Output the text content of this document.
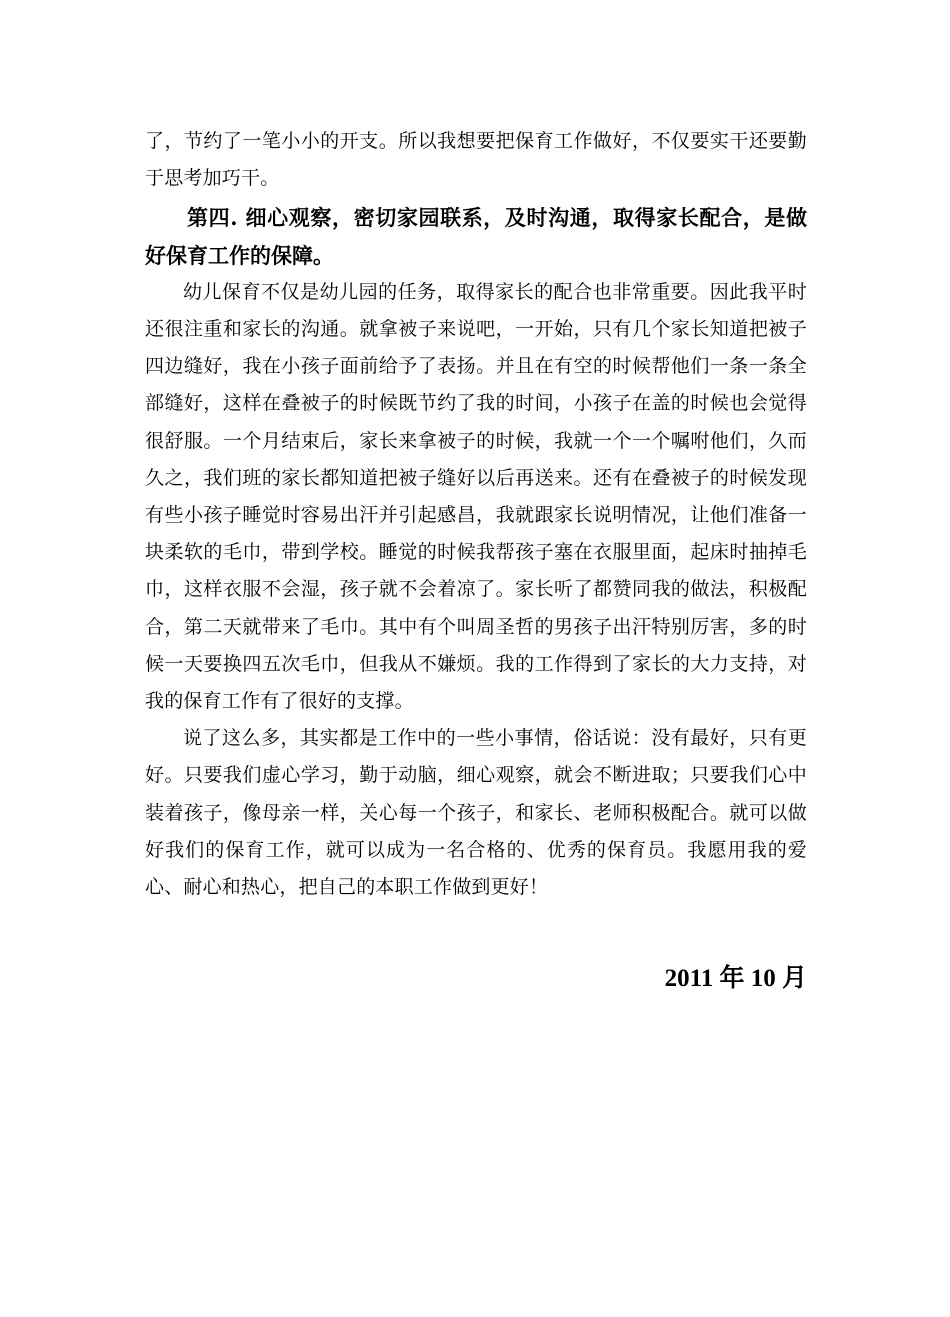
了，节约了一笔小小的开支。所以我想要把保育工作做好，不仅要实干还要勤于思考加巧干。

第四. 细心观察，密切家园联系，及时沟通，取得家长配合，是做好保育工作的保障。

幼儿保育不仅是幼儿园的任务，取得家长的配合也非常重要。因此我平时还很注重和家长的沟通。就拿被子来说吧，一开始，只有几个家长知道把被子四边缝好，我在小孩子面前给予了表扬。并且在有空的时候帮他们一条一条全部缝好，这样在叠被子的时候既节约了我的时间，小孩子在盖的时候也会觉得很舒服。一个月结束后，家长来拿被子的时候，我就一个一个嘱咐他们，久而久之，我们班的家长都知道把被子缝好以后再送来。还有在叠被子的时候发现有些小孩子睡觉时容易出汗并引起感昌，我就跟家长说明情况，让他们准备一块柔软的毛巾，带到学校。睡觉的时候我帮孩子塞在衣服里面，起床时抽掉毛巾，这样衣服不会湿，孩子就不会着凉了。家长听了都赞同我的做法，积极配合，第二天就带来了毛巾。其中有个叫周圣哲的男孩子出汗特别厉害，多的时候一天要换四五次毛巾，但我从不嫌烦。我的工作得到了家长的大力支持，对我的保育工作有了很好的支撑。

说了这么多，其实都是工作中的一些小事情，俗话说：没有最好，只有更好。只要我们虚心学习，勤于动脑，细心观察，就会不断进取；只要我们心中装着孩子，像母亲一样，关心每一个孩子，和家长、老师积极配合。就可以做好我们的保育工作，就可以成为一名合格的、优秀的保育员。我愿用我的爱心、耐心和热心，把自己的本职工作做到更好！

2011 年 10 月
